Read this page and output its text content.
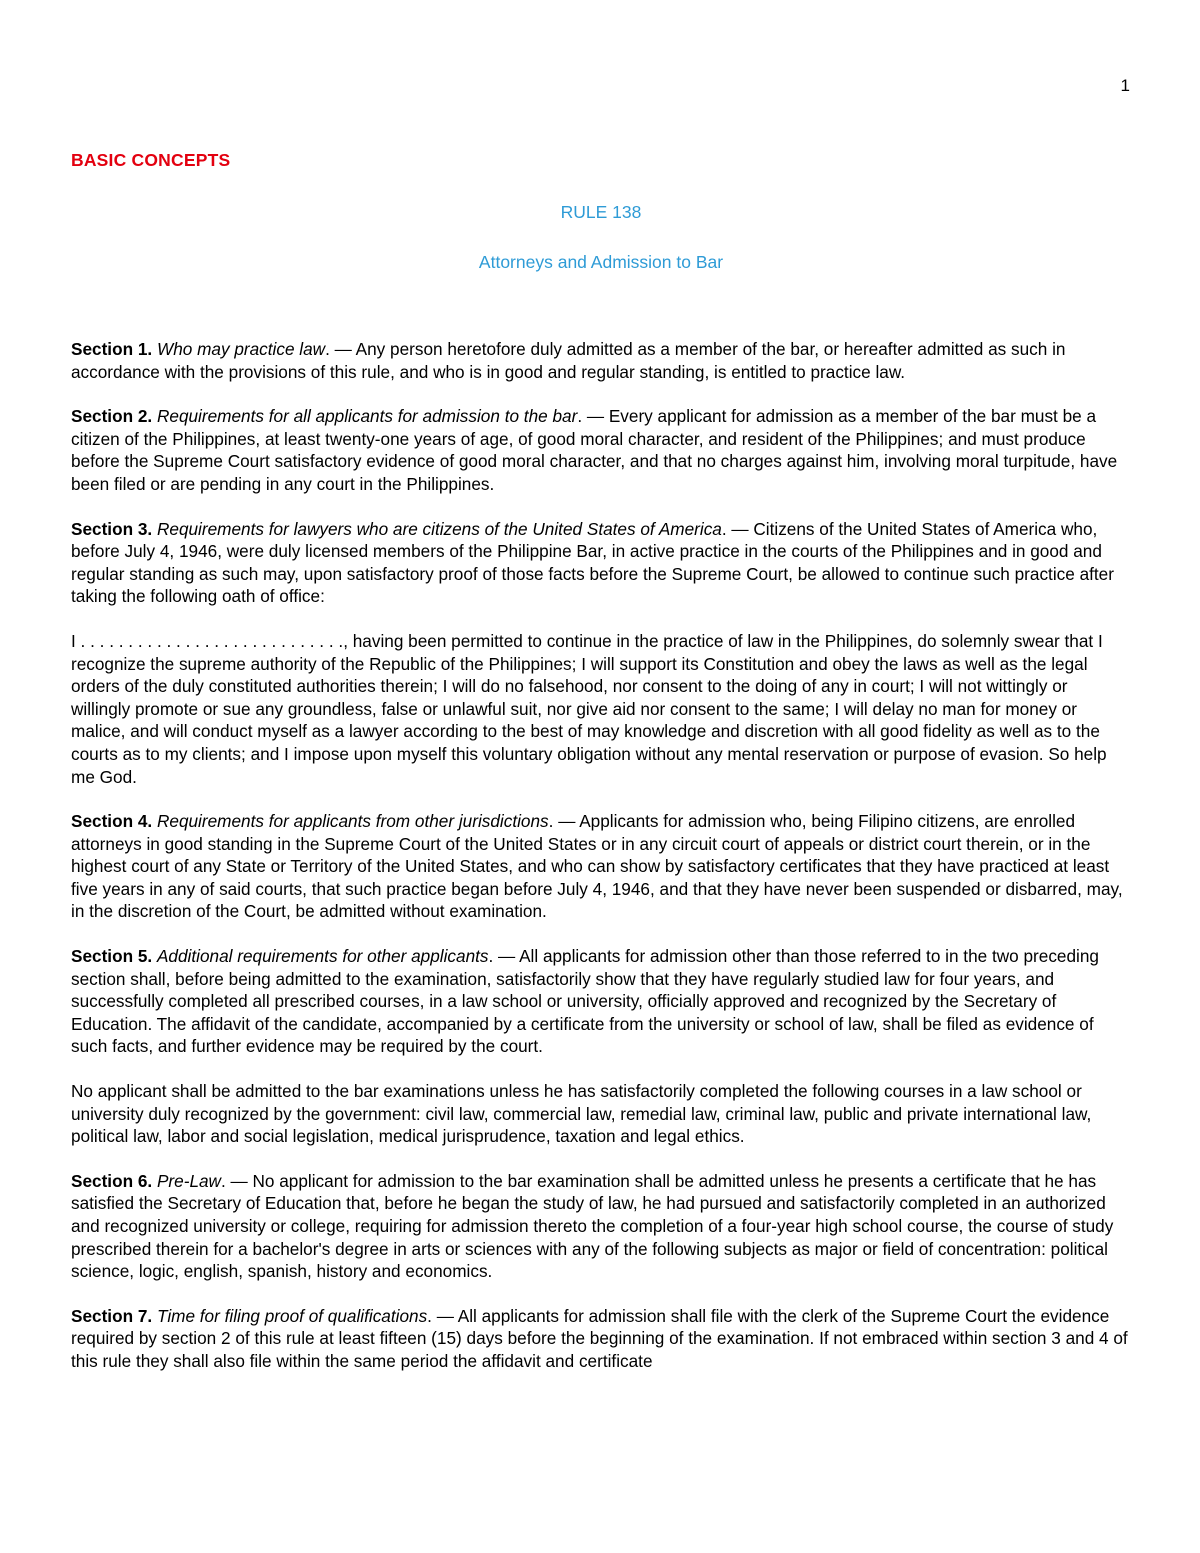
1

BASIC CONCEPTS

RULE 138

Attorneys and Admission to Bar

Section 1. Who may practice law. — Any person heretofore duly admitted as a member of the bar, or hereafter admitted as such in accordance with the provisions of this rule, and who is in good and regular standing, is entitled to practice law.

Section 2. Requirements for all applicants for admission to the bar. — Every applicant for admission as a member of the bar must be a citizen of the Philippines, at least twenty-one years of age, of good moral character, and resident of the Philippines; and must produce before the Supreme Court satisfactory evidence of good moral character, and that no charges against him, involving moral turpitude, have been filed or are pending in any court in the Philippines.

Section 3. Requirements for lawyers who are citizens of the United States of America. — Citizens of the United States of America who, before July 4, 1946, were duly licensed members of the Philippine Bar, in active practice in the courts of the Philippines and in good and regular standing as such may, upon satisfactory proof of those facts before the Supreme Court, be allowed to continue such practice after taking the following oath of office:

I . . . . . . . . . . . . . . . . . . . . . . . . . . . ., having been permitted to continue in the practice of law in the Philippines, do solemnly swear that I recognize the supreme authority of the Republic of the Philippines; I will support its Constitution and obey the laws as well as the legal orders of the duly constituted authorities therein; I will do no falsehood, nor consent to the doing of any in court; I will not wittingly or willingly promote or sue any groundless, false or unlawful suit, nor give aid nor consent to the same; I will delay no man for money or malice, and will conduct myself as a lawyer according to the best of may knowledge and discretion with all good fidelity as well as to the courts as to my clients; and I impose upon myself this voluntary obligation without any mental reservation or purpose of evasion. So help me God.

Section 4. Requirements for applicants from other jurisdictions. — Applicants for admission who, being Filipino citizens, are enrolled attorneys in good standing in the Supreme Court of the United States or in any circuit court of appeals or district court therein, or in the highest court of any State or Territory of the United States, and who can show by satisfactory certificates that they have practiced at least five years in any of said courts, that such practice began before July 4, 1946, and that they have never been suspended or disbarred, may, in the discretion of the Court, be admitted without examination.

Section 5. Additional requirements for other applicants. — All applicants for admission other than those referred to in the two preceding section shall, before being admitted to the examination, satisfactorily show that they have regularly studied law for four years, and successfully completed all prescribed courses, in a law school or university, officially approved and recognized by the Secretary of Education. The affidavit of the candidate, accompanied by a certificate from the university or school of law, shall be filed as evidence of such facts, and further evidence may be required by the court.

No applicant shall be admitted to the bar examinations unless he has satisfactorily completed the following courses in a law school or university duly recognized by the government: civil law, commercial law, remedial law, criminal law, public and private international law, political law, labor and social legislation, medical jurisprudence, taxation and legal ethics.

Section 6. Pre-Law. — No applicant for admission to the bar examination shall be admitted unless he presents a certificate that he has satisfied the Secretary of Education that, before he began the study of law, he had pursued and satisfactorily completed in an authorized and recognized university or college, requiring for admission thereto the completion of a four-year high school course, the course of study prescribed therein for a bachelor's degree in arts or sciences with any of the following subjects as major or field of concentration: political science, logic, english, spanish, history and economics.

Section 7. Time for filing proof of qualifications. — All applicants for admission shall file with the clerk of the Supreme Court the evidence required by section 2 of this rule at least fifteen (15) days before the beginning of the examination. If not embraced within section 3 and 4 of this rule they shall also file within the same period the affidavit and certificate
